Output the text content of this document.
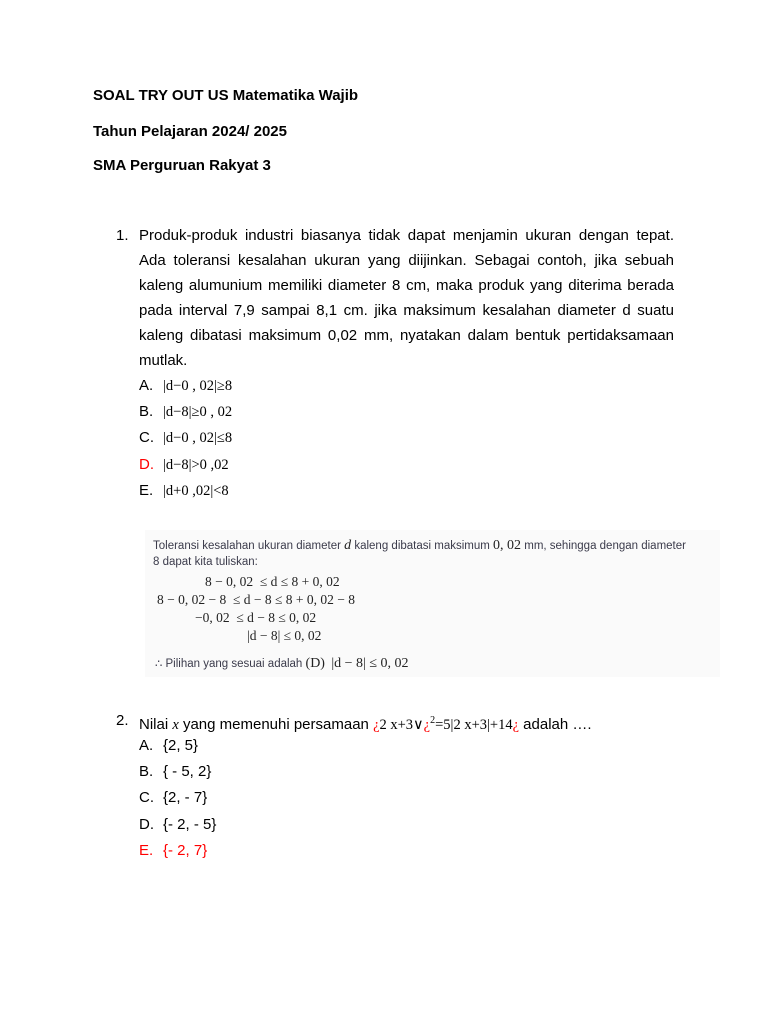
SOAL TRY OUT US Matematika Wajib
Tahun Pelajaran 2024/ 2025
SMA Perguruan Rakyat 3
1. Produk-produk industri biasanya tidak dapat menjamin ukuran dengan tepat. Ada toleransi kesalahan ukuran yang diijinkan. Sebagai contoh, jika sebuah kaleng alumunium memiliki diameter 8 cm, maka produk yang diterima berada pada interval 7,9 sampai 8,1 cm. jika maksimum kesalahan diameter d suatu kaleng dibatasi maksimum 0,02 mm, nyatakan dalam bentuk pertidaksamaan mutlak.
A. |d−0 , 02|≥8
B. |d−8|≥0 , 02
C. |d−0 , 02|≤8
D. |d−8|>0 ,02
E. |d+0 ,02|<8
Toleransi kesalahan ukuran diameter d kaleng dibatasi maksimum 0, 02 mm, sehingga dengan diameter
8 dapat kita tuliskan:
8 − 0, 02  ≤ d ≤ 8 + 0, 02
8 − 0, 02 − 8  ≤ d − 8 ≤ 8 + 0, 02 − 8
−0, 02  ≤ d − 8 ≤ 0, 02
|d − 8| ≤ 0, 02
∴ Pilihan yang sesuai adalah (D) |d − 8| ≤ 0, 02
2. Nilai x yang memenuhi persamaan ¿2 x+3∨¿$^2$=5|2 x+3|+14¿ adalah ….
A. {2, 5}
B. { - 5, 2}
C. {2, - 7}
D. {- 2, - 5}
E. {- 2, 7}
